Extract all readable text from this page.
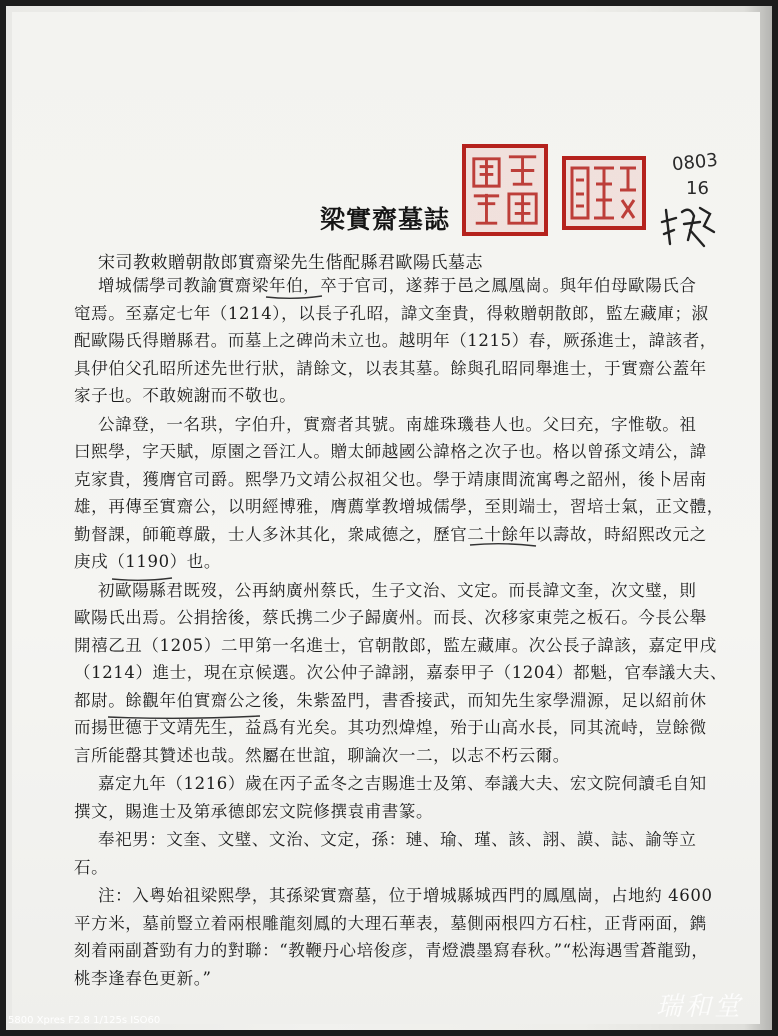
0803
16
梁實齋墓誌
宋司教敕贈朝散郎實齋梁先生偕配縣君歐陽氏墓志
增城儒學司教諭實齋梁年伯，卒于官司，遂葬于邑之鳳凰崗。與年伯母歐陽氏合
窀焉。至嘉定七年（1214），以長子孔昭，諱文奎貴，得敕贈朝散郎，監左藏庫；淑
配歐陽氏得贈縣君。而墓上之碑尚未立也。越明年（1215）春，厥孫進士，諱該者，
具伊伯父孔昭所述先世行狀，請餘文，以表其墓。餘與孔昭同舉進士，于實齋公蓋年
家子也。不敢婉謝而不敬也。
公諱登，一名珙，字伯升，實齋者其號。南雄珠璣巷人也。父曰充，字惟敬。祖
曰熙學，字天賦，原園之晉江人。贈太師越國公諱格之次子也。格以曾孫文靖公，諱
克家貴，獲膺官司爵。熙學乃文靖公叔祖父也。學于靖康間流寓粤之韶州，後卜居南
雄，再傳至實齋公，以明經博雅，膺薦掌教增城儒學，至則端士，習培士氣，正文體，
勤督課，師範尊嚴，士人多沐其化，衆咸德之，歷官二十餘年以壽故，時紹熙改元之
庚戌（1190）也。
初歐陽縣君既歿，公再納廣州蔡氏，生子文治、文定。而長諱文奎，次文璧，則
歐陽氏出焉。公捐捨後，蔡氏携二少子歸廣州。而長、次移家東莞之板石。今長公舉
開禧乙丑（1205）二甲第一名進士，官朝散郎，監左藏庫。次公長子諱該，嘉定甲戌
（1214）進士，現在京候選。次公仲子諱詡，嘉泰甲子（1204）都魁，官奉議大夫、
都尉。餘觀年伯實齋公之後，朱紫盈門，書香接武，而知先生家學淵源，足以紹前休
而揚世德于文靖先生，益爲有光矣。其功烈煒煌，殆于山高水長，同其流峙，豈餘微
言所能罄其贊述也哉。然屬在世誼，聊論次一二，以志不朽云爾。
嘉定九年（1216）歲在丙子孟冬之吉賜進士及第、奉議大夫、宏文院伺讀毛自知
撰文，賜進士及第承德郎宏文院修撰袁甫書篆。
奉祀男：文奎、文璧、文治、文定，孫：璉、瑜、瑾、該、詡、謨、誌、諭等立
石。
注：入粤始祖梁熙學，其孫梁實齋墓，位于增城縣城西門的鳳凰崗，占地約 4600
平方米，墓前豎立着兩根雕龍刻鳳的大理石華表，墓側兩根四方石柱，正背兩面，鐫
刻着兩副蒼勁有力的對聯：“教鞭丹心培俊彦，青燈濃墨寫春秋。”“松海遇雪蒼龍勁，
桃李逢春色更新。”
5800 Xpres F2.8 1/125s ISO60	瑞和堂
